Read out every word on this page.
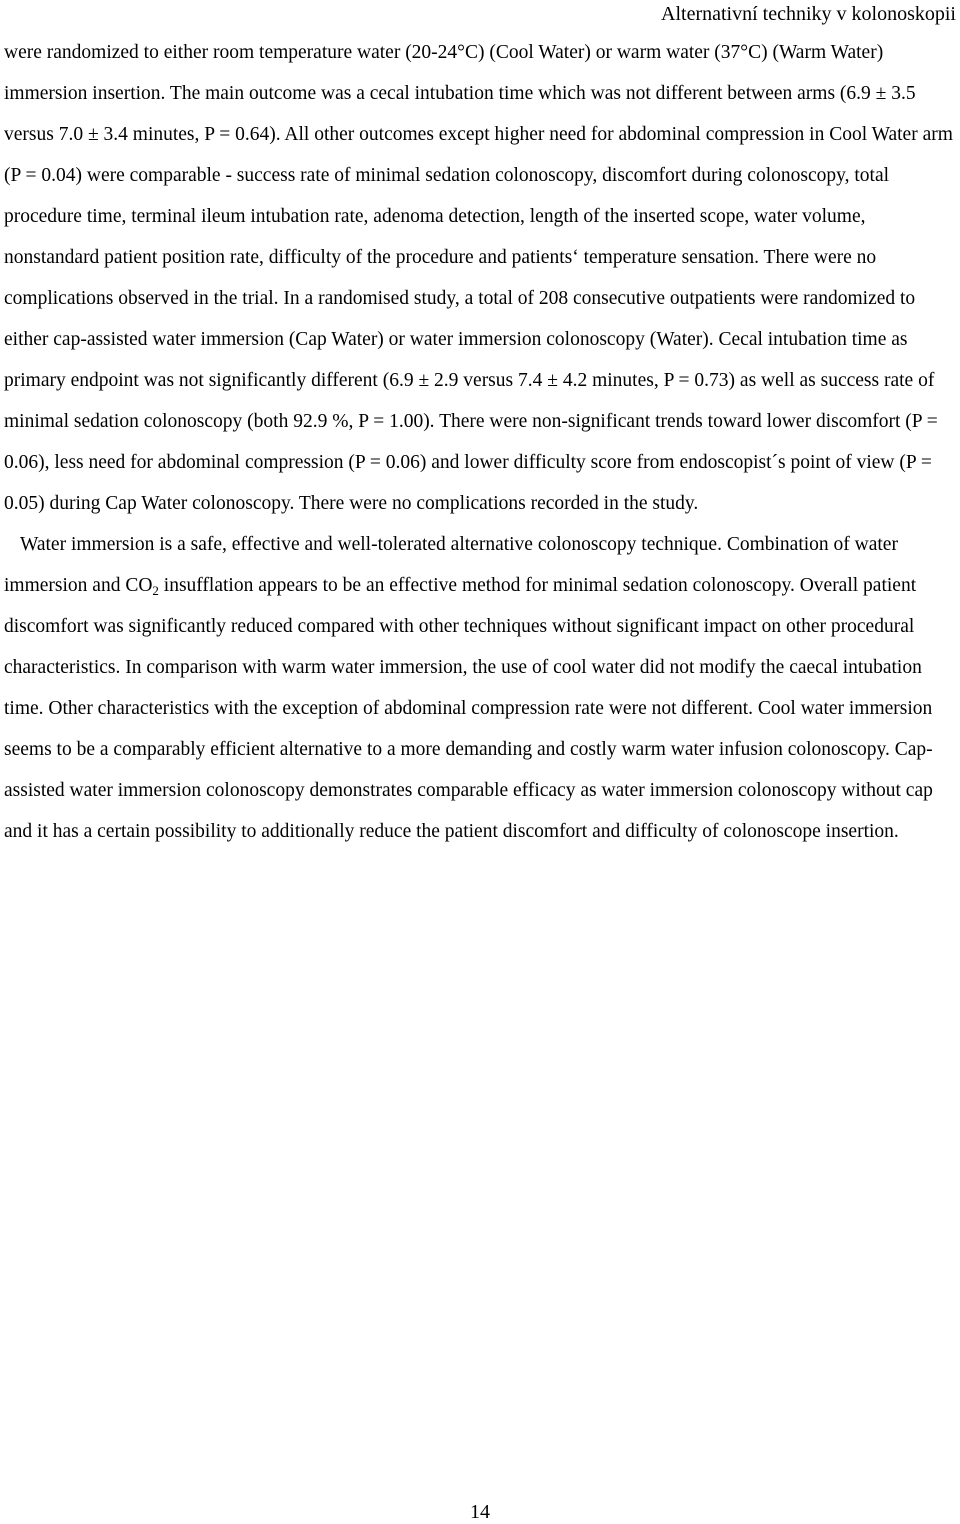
Alternativní techniky v kolonoskopii

were randomized to either room temperature water (20-24°C) (Cool Water) or warm water (37°C) (Warm Water) immersion insertion. The main outcome was a cecal intubation time which was not different between arms (6.9 ± 3.5 versus 7.0 ± 3.4 minutes, P = 0.64). All other outcomes except higher need for abdominal compression in Cool Water arm (P = 0.04) were comparable - success rate of minimal sedation colonoscopy, discomfort during colonoscopy, total procedure time, terminal ileum intubation rate, adenoma detection, length of the inserted scope, water volume, nonstandard patient position rate, difficulty of the procedure and patients‘ temperature sensation. There were no complications observed in the trial. In a randomised study, a total of 208 consecutive outpatients were randomized to either cap-assisted water immersion (Cap Water) or water immersion colonoscopy (Water). Cecal intubation time as primary endpoint was not significantly different (6.9 ± 2.9 versus 7.4 ± 4.2 minutes, P = 0.73) as well as success rate of minimal sedation colonoscopy (both 92.9 %, P = 1.00). There were non-significant trends toward lower discomfort (P = 0.06), less need for abdominal compression (P = 0.06) and lower difficulty score from endoscopist´s point of view (P = 0.05) during Cap Water colonoscopy. There were no complications recorded in the study.

Water immersion is a safe, effective and well-tolerated alternative colonoscopy technique. Combination of water immersion and $CO_2$ insufflation appears to be an effective method for minimal sedation colonoscopy. Overall patient discomfort was significantly reduced compared with other techniques without significant impact on other procedural characteristics. In comparison with warm water immersion, the use of cool water did not modify the caecal intubation time. Other characteristics with the exception of abdominal compression rate were not different. Cool water immersion seems to be a comparably efficient alternative to a more demanding and costly warm water infusion colonoscopy. Cap-assisted water immersion colonoscopy demonstrates comparable efficacy as water immersion colonoscopy without cap and it has a certain possibility to additionally reduce the patient discomfort and difficulty of colonoscope insertion.

14
